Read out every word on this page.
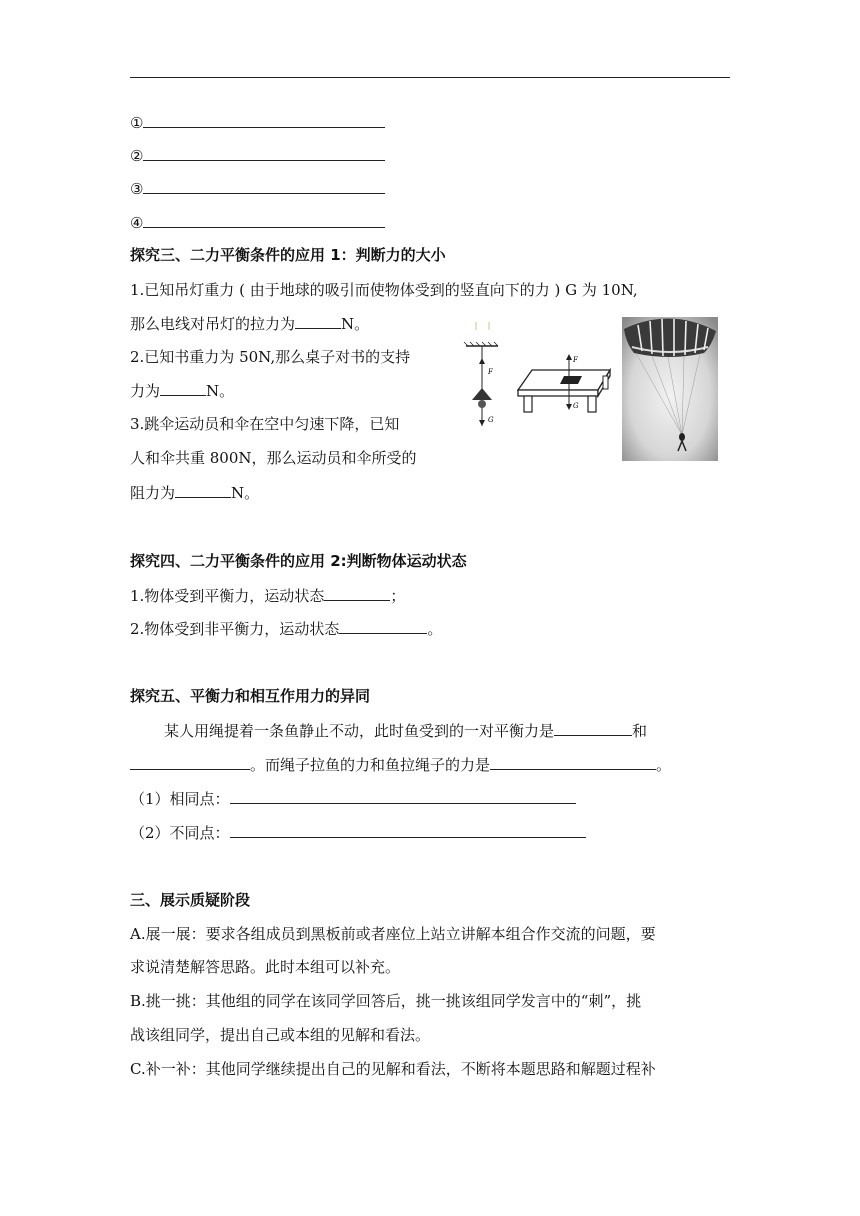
①
②
③
④
探究三、二力平衡条件的应用 1：判断力的大小
1.已知吊灯重力 ( 由于地球的吸引而使物体受到的竖直向下的力 ) G 为 10N,
那么电线对吊灯的拉力为	N。
2.已知书重力为 50N,那么桌子对书的支持
力为	N。
3.跳伞运动员和伞在空中匀速下降，已知
人和伞共重 800N，那么运动员和伞所受的
阻力为	N。
F
G
F
G
探究四、二力平衡条件的应用 2:判断物体运动状态
1.物体受到平衡力，运动状态	；
2.物体受到非平衡力，运动状态	。
探究五、平衡力和相互作用力的异同
某人用绳提着一条鱼静止不动，此时鱼受到的一对平衡力是	和
。而绳子拉鱼的力和鱼拉绳子的力是	。
（1）相同点：
（2）不同点：
三、展示质疑阶段
A.展一展：要求各组成员到黑板前或者座位上站立讲解本组合作交流的问题，要
求说清楚解答思路。此时本组可以补充。
B.挑一挑：其他组的同学在该同学回答后，挑一挑该组同学发言中的“刺”，挑
战该组同学，提出自己或本组的见解和看法。
C.补一补：其他同学继续提出自己的见解和看法，不断将本题思路和解题过程补
